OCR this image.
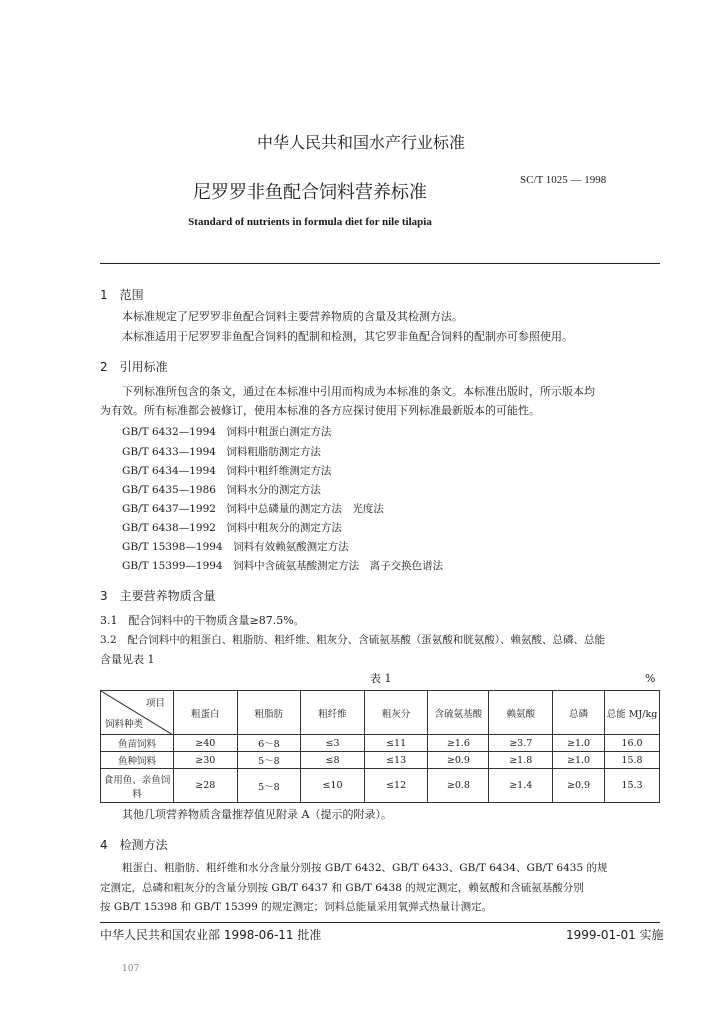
中华人民共和国水产行业标准
尼罗罗非鱼配合饲料营养标准
SC/T 1025 — 1998
Standard of nutrients in formula diet for nile tilapia
1　范围
本标准规定了尼罗罗非鱼配合饲料主要营养物质的含量及其检测方法。
本标准适用于尼罗罗非鱼配合饲料的配制和检测，其它罗非鱼配合饲料的配制亦可参照使用。
2　引用标准
下列标准所包含的条文，通过在本标准中引用而构成为本标准的条文。本标准出版时，所示版本均
为有效。所有标准都会被修订，使用本标准的各方应探讨使用下列标准最新版本的可能性。
GB/T 6432—1994　饲料中粗蛋白测定方法
GB/T 6433—1994　饲料粗脂肪测定方法
GB/T 6434—1994　饲料中粗纤维测定方法
GB/T 6435—1986　饲料水分的测定方法
GB/T 6437—1992　饲料中总磷量的测定方法　光度法
GB/T 6438—1992　饲料中粗灰分的测定方法
GB/T 15398—1994　饲料有效赖氨酸测定方法
GB/T 15399—1994　饲料中含硫氨基酸测定方法　离子交换色谱法
3　主要营养物质含量
3.1　配合饲料中的干物质含量≥87.5%。
3.2　配合饲料中的粗蛋白、粗脂肪、粗纤维、粗灰分、含硫氨基酸（蛋氨酸和胱氨酸）、赖氨酸、总磷、总能
含量见表 1
表 1	%
项目
饲料种类	粗蛋白	粗脂肪	粗纤维	粗灰分	含硫氨基酸	赖氨酸	总磷	总能 MJ/kg
鱼苗饲料	≥40	6～8	≤3	≤11	≥1.6	≥3.7	≥1.0	16.0
鱼种饲料	≥30	5～8	≤8	≤13	≥0.9	≥1.8	≥1.0	15.8
食用鱼、亲鱼饲料	≥28	5～8	≤10	≤12	≥0.8	≥1.4	≥0.9	15.3
其他几项营养物质含量推荐值见附录 A（提示的附录）。
4　检测方法
粗蛋白、粗脂肪、粗纤维和水分含量分别按 GB/T 6432、GB/T 6433、GB/T 6434、GB/T 6435 的规
定测定，总磷和粗灰分的含量分别按 GB/T 6437 和 GB/T 6438 的规定测定，赖氨酸和含硫氨基酸分别
按 GB/T 15398 和 GB/T 15399 的规定测定；饲料总能量采用氧弹式热量计测定。
中华人民共和国农业部 1998-06-11 批准	1999-01-01 实施
107
